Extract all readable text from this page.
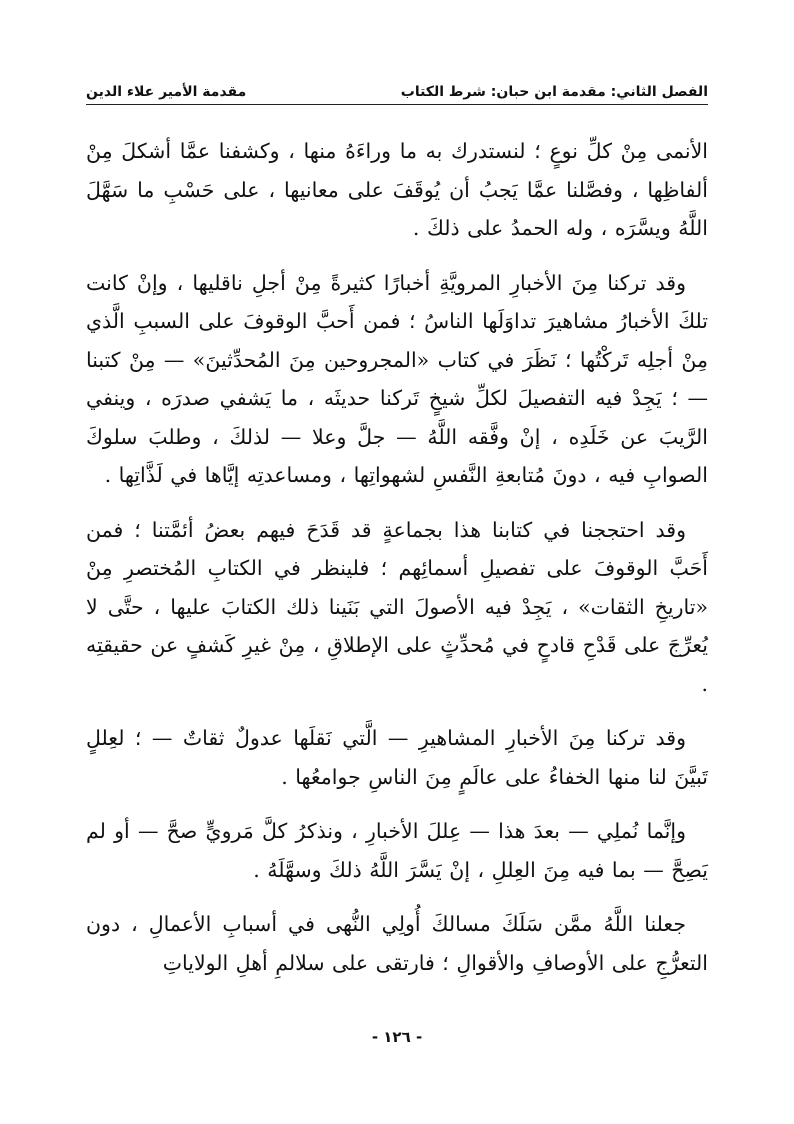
الفصل الثاني: مقدمة ابن حبان: شرط الكتاب
مقدمة الأمير علاء الدين

الأنمى مِنْ كلِّ نوعٍ ؛ لنستدرك به ما وراءَهُ منها ، وكشفنا عمَّا أشكلَ مِنْ ألفاظِها ، وفصَّلنا عمَّا يَجبُ أن يُوقَفَ على معانيها ، على حَسْبِ ما سَهَّلَ اللَّهُ ويسَّرَه ، وله الحمدُ على ذلكَ .

وقد تركنا مِنَ الأخبارِ المرويَّةِ أخبارًا كثيرةً مِنْ أجلِ ناقليها ، وإنْ كانت تلكَ الأخبارُ مشاهيرَ تداوَلَها الناسُ ؛ فمن أَحبَّ الوقوفَ على السببِ الَّذي مِنْ أجلِه تَركْتُها ؛ نَظَرَ في كتاب «المجروحين مِنَ المُحدِّثينَ» — مِنْ كتبنا — ؛ يَجِدْ فيه التفصيلَ لكلِّ شيخٍ تَركنا حديثَه ، ما يَشفي صدرَه ، وينفي الرَّيبَ عن خَلَدِه ، إنْ وفَّقه اللَّهُ — جلَّ وعلا — لذلكَ ، وطلبَ سلوكَ الصوابِ فيه ، دونَ مُتابعةِ النَّفسِ لشهواتِها ، ومساعدتِه إيَّاها في لَذَّاتِها .

وقد احتججنا في كتابنا هذا بجماعةٍ قد قَدَحَ فيهم بعضُ أئمَّتنا ؛ فمن أَحَبَّ الوقوفَ على تفصيلِ أسمائِهم ؛ فلينظر في الكتابِ المُختصرِ مِنْ «تاريخِ الثقات» ، يَجِدْ فيه الأصولَ التي بَنَينا ذلك الكتابَ عليها ، حتَّى لا يُعرِّجَ على قَدْحِ قادحٍ في مُحدِّثٍ على الإطلاقِ ، مِنْ غيرِ كَشفٍ عن حقيقتِه .

وقد تركنا مِنَ الأخبارِ المشاهيرِ — الَّتي نَقلَها عدولٌ ثقاتٌ — ؛ لعِللٍ تَبيَّنَ لنا منها الخفاءُ على عالَمٍ مِنَ الناسِ جوامعُها .

وإنَّما نُملِي — بعدَ هذا — عِللَ الأخبارِ ، ونذكرُ كلَّ مَرويٍّ صحَّ — أو لم يَصِحَّ — بما فيه مِنَ العِللِ ، إنْ يَسَّرَ اللَّهُ ذلكَ وسهَّلَهُ .

جعلنا اللَّهُ ممَّن سَلَكَ مسالكَ أُولِي النُّهى في أسبابِ الأعمالِ ، دون التعرُّجِ على الأوصافِ والأقوالِ ؛ فارتقى على سلالمِ أهلِ الولاياتِ

- ١٢٦ -
